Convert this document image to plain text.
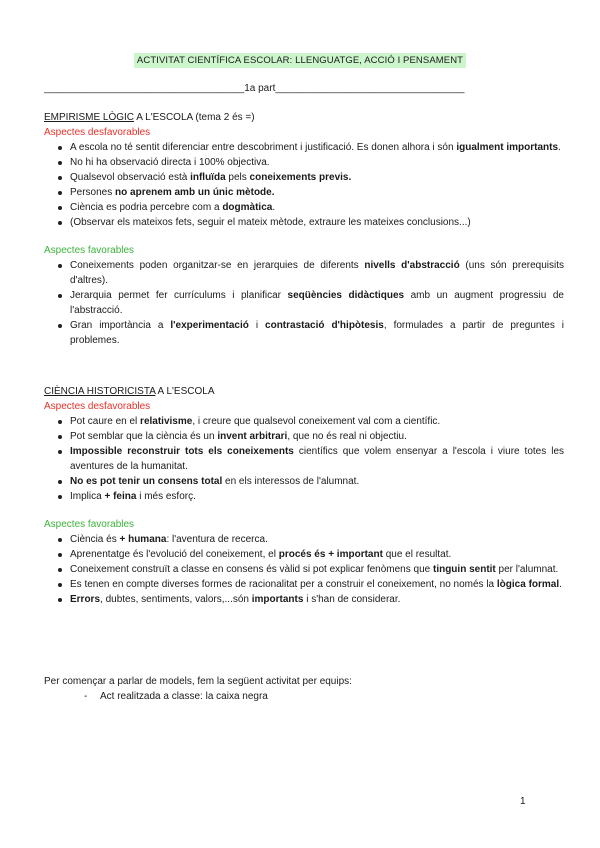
ACTIVITAT CIENTÍFICA ESCOLAR: LLENGUATGE, ACCIÓ I PENSAMENT
____________________________________1a part__________________________________
EMPIRISME LÒGIC A L'ESCOLA (tema 2 és =)
Aspectes desfavorables
A escola no té sentit diferenciar entre descobriment i justificació. Es donen alhora i són igualment importants.
No hi ha observació directa i 100% objectiva.
Qualsevol observació està influïda pels coneixements previs.
Persones no aprenem amb un únic mètode.
Ciència es podria percebre com a dogmàtica.
(Observar els mateixos fets, seguir el mateix mètode, extraure les mateixes conclusions...)
Aspectes favorables
Coneixements poden organitzar-se en jerarquies de diferents nivells d'abstracció (uns són prerequisits d'altres).
Jerarquia permet fer currículums i planificar seqüències didàctiques amb un augment progressiu de l'abstracció.
Gran importància a l'experimentació i contrastació d'hipòtesis, formulades a partir de preguntes i problemes.
CIÈNCIA HISTORICISTA A L'ESCOLA
Aspectes desfavorables
Pot caure en el relativisme, i creure que qualsevol coneixement val com a científic.
Pot semblar que la ciència és un invent arbitrari, que no és real ni objectiu.
Impossible reconstruir tots els coneixements científics que volem ensenyar a l'escola i viure totes les aventures de la humanitat.
No es pot tenir un consens total en els interessos de l'alumnat.
Implica + feina i més esforç.
Aspectes favorables
Ciència és + humana: l'aventura de recerca.
Aprenentatge és l'evolució del coneixement, el procés és + important que el resultat.
Coneixement construït a classe en consens és vàlid si pot explicar fenòmens que tinguin sentit per l'alumnat.
Es tenen en compte diverses formes de racionalitat per a construir el coneixement, no només la lògica formal.
Errors, dubtes, sentiments, valors,...són importants i s'han de considerar.
Per començar a parlar de models, fem la següent activitat per equips:
- Act realitzada a classe: la caixa negra
1
